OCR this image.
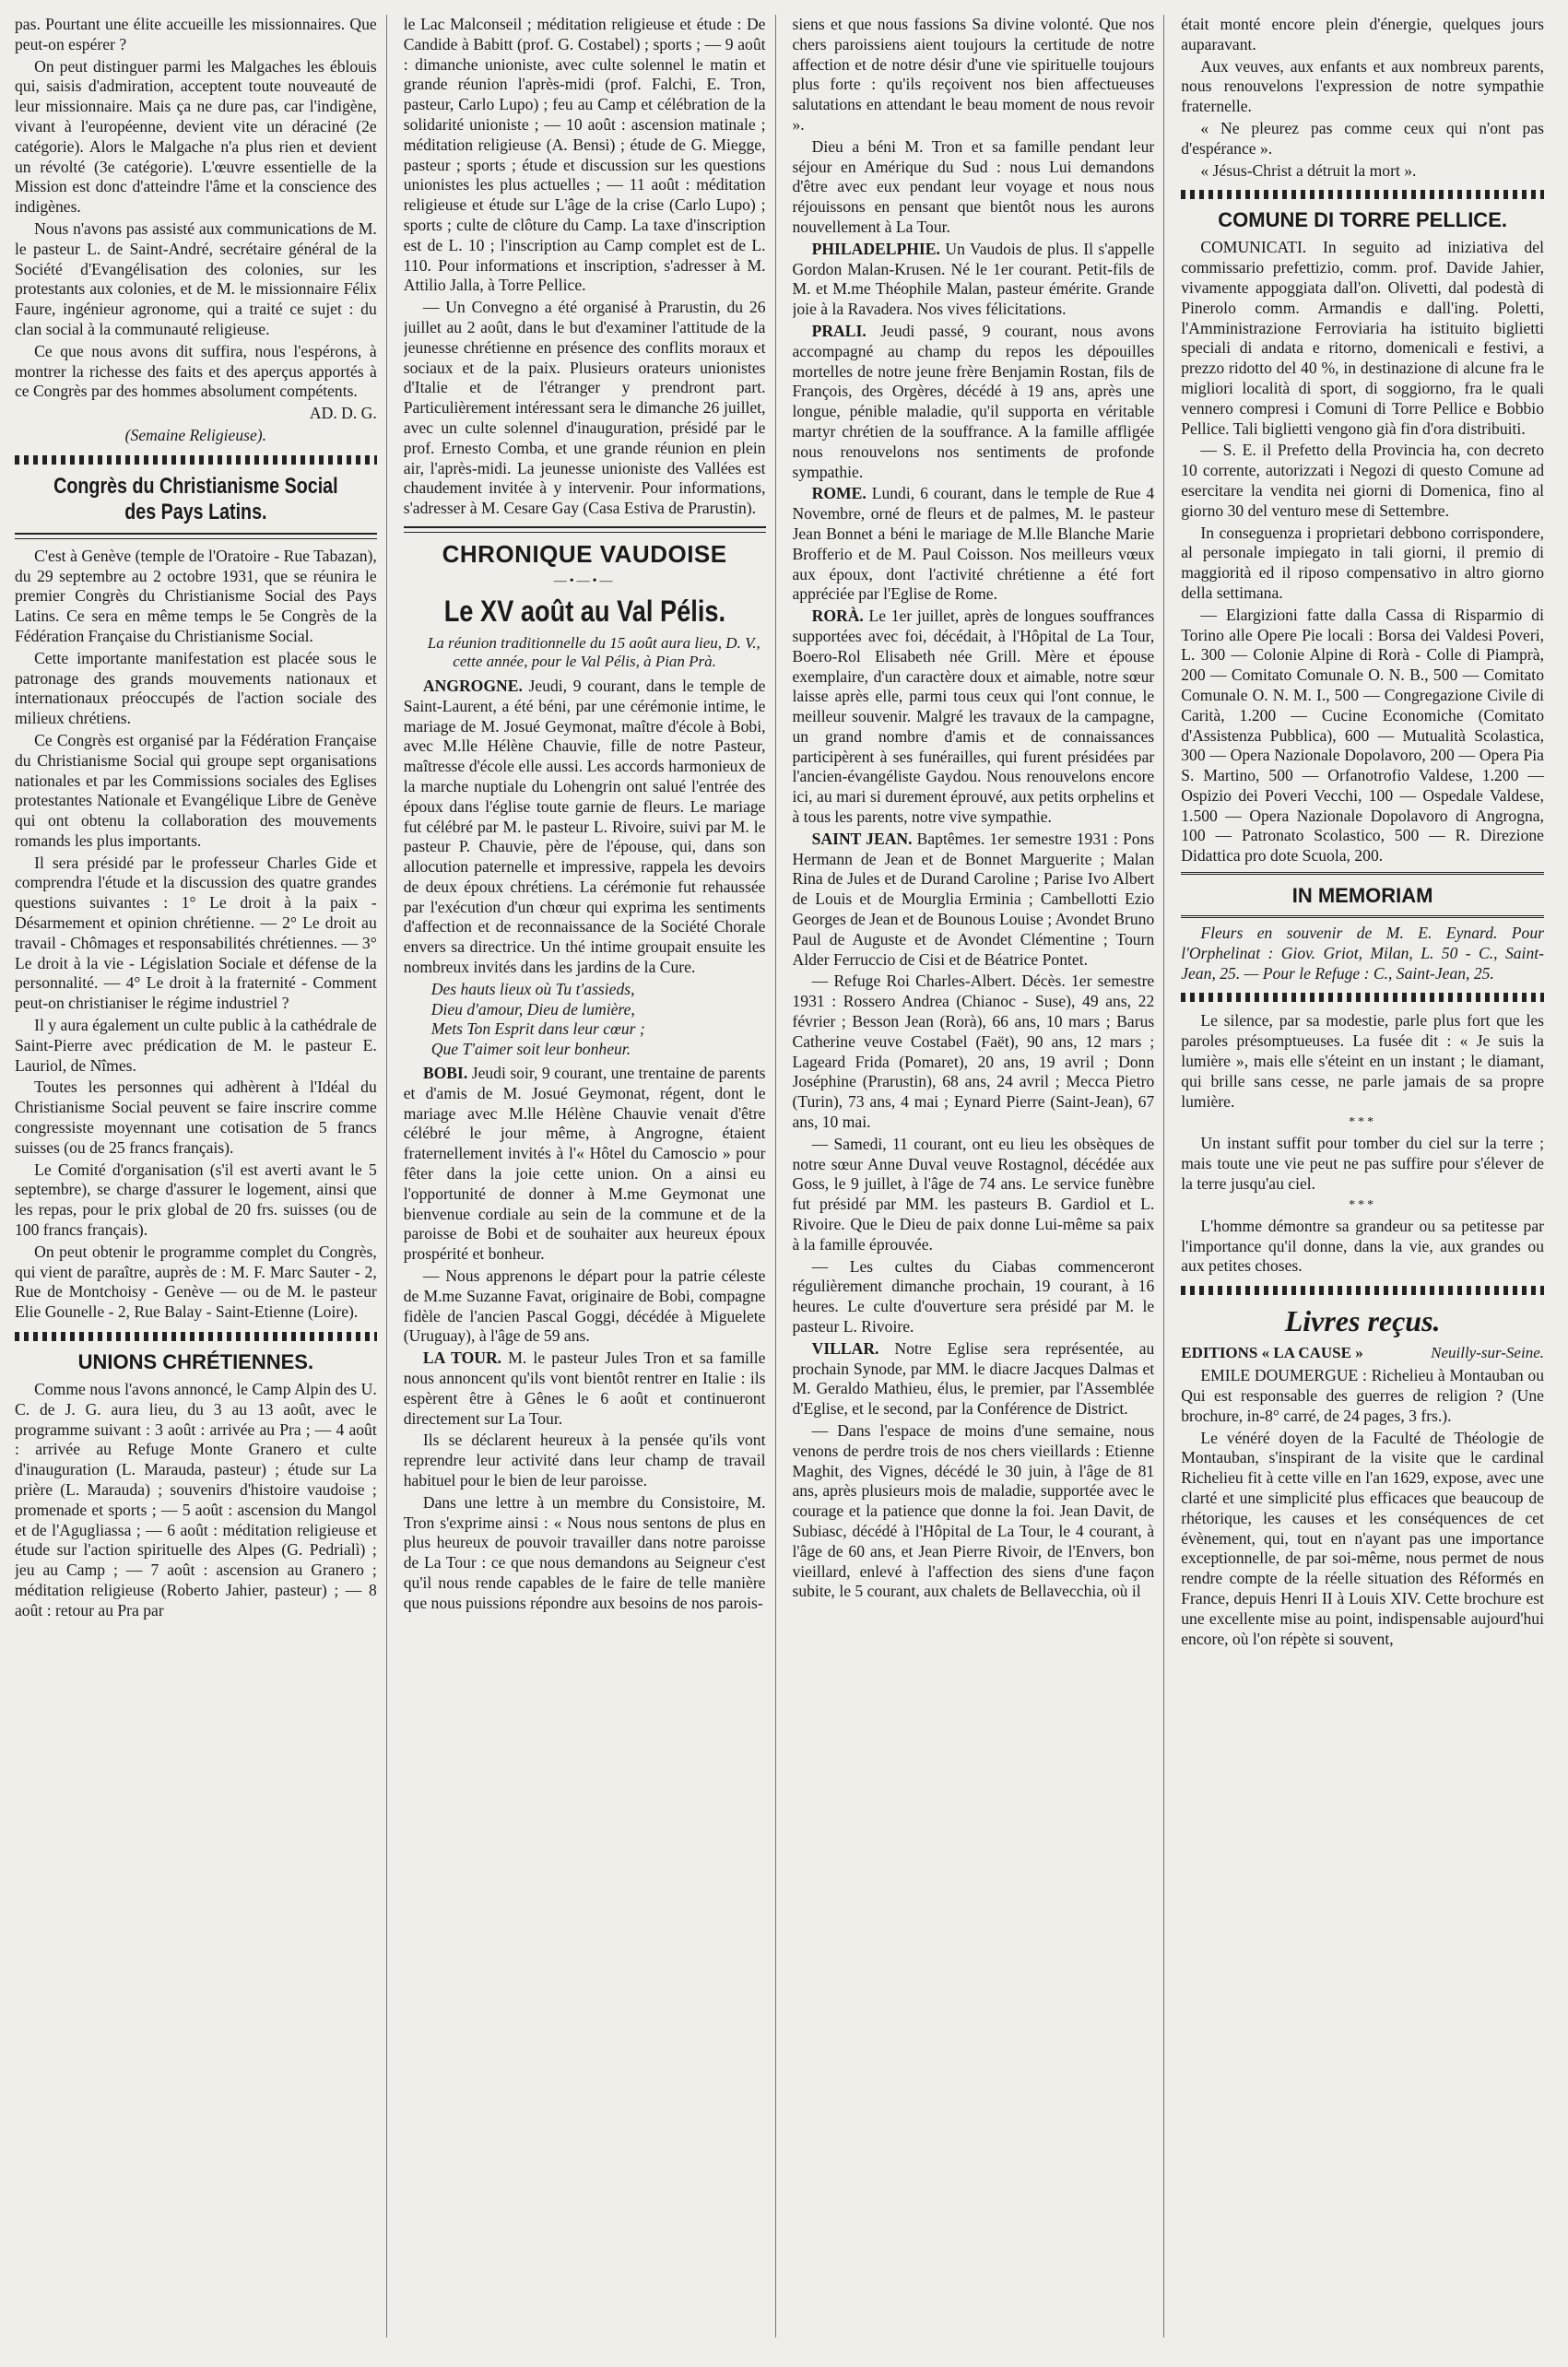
pas. Pourtant une élite accueille les missionnaires. Que peut-on espérer ?

On peut distinguer parmi les Malgaches les éblouis qui, saisis d'admiration, acceptent toute nouveauté de leur missionnaire. Mais ça ne dure pas, car l'indigène, vivant à l'européenne, devient vite un déraciné (2e catégorie). Alors le Malgache n'a plus rien et devient un révolté (3e catégorie). L'œuvre essentielle de la Mission est donc d'atteindre l'âme et la conscience des indigènes.

Nous n'avons pas assisté aux communications de M. le pasteur L. de Saint-André, secrétaire général de la Société d'Evangélisation des colonies, sur les protestants aux colonies, et de M. le missionnaire Félix Faure, ingénieur agronome, qui a traité ce sujet : du clan social à la communauté religieuse.

Ce que nous avons dit suffira, nous l'espérons, à montrer la richesse des faits et des aperçus apportés à ce Congrès par des hommes absolument compétents.

AD. D. G.

(Semaine Religieuse).

Congrès du Christianisme Social des Pays Latins.

C'est à Genève (temple de l'Oratoire - Rue Tabazan), du 29 septembre au 2 octobre 1931, que se réunira le premier Congrès du Christianisme Social des Pays Latins. Ce sera en même temps le 5e Congrès de la Fédération Française du Christianisme Social.

Cette importante manifestation est placée sous le patronage des grands mouvements nationaux et internationaux préoccupés de l'action sociale des milieux chrétiens.

Ce Congrès est organisé par la Fédération Française du Christianisme Social qui groupe sept organisations nationales et par les Commissions sociales des Eglises protestantes Nationale et Evangélique Libre de Genève qui ont obtenu la collaboration des mouvements romands les plus importants.

Il sera présidé par le professeur Charles Gide et comprendra l'étude et la discussion des quatre grandes questions suivantes : 1° Le droit à la paix - Désarmement et opinion chrétienne. — 2° Le droit au travail - Chômages et responsabilités chrétiennes. — 3° Le droit à la vie - Législation Sociale et défense de la personnalité. — 4° Le droit à la fraternité - Comment peut-on christianiser le régime industriel ?

Il y aura également un culte public à la cathédrale de Saint-Pierre avec prédication de M. le pasteur E. Lauriol, de Nîmes.

Toutes les personnes qui adhèrent à l'Idéal du Christianisme Social peuvent se faire inscrire comme congressiste moyennant une cotisation de 5 francs suisses (ou de 25 francs français).

Le Comité d'organisation (s'il est averti avant le 5 septembre), se charge d'assurer le logement, ainsi que les repas, pour le prix global de 20 frs. suisses (ou de 100 francs français).

On peut obtenir le programme complet du Congrès, qui vient de paraître, auprès de : M. F. Marc Sauter - 2, Rue de Montchoisy - Genève — ou de M. le pasteur Elie Gounelle - 2, Rue Balay - Saint-Etienne (Loire).

UNIONS CHRÉTIENNES.

Comme nous l'avons annoncé, le Camp Alpin des U. C. de J. G. aura lieu, du 3 au 13 août, avec le programme suivant : 3 août : arrivée au Pra ; — 4 août : arrivée au Refuge Monte Granero et culte d'inauguration (L. Marauda, pasteur) ; étude sur La prière (L. Marauda) ; souvenirs d'histoire vaudoise ; promenade et sports ; — 5 août : ascension du Mangol et de l'Agugliassa ; — 6 août : méditation religieuse et étude sur l'action spirituelle des Alpes (G. Pedrialì) ; jeu au Camp ; — 7 août : ascension au Granero ; méditation religieuse (Roberto Jahier, pasteur) ; — 8 août : retour au Pra par

le Lac Malconseil ; méditation religieuse et étude : De Candide à Babitt (prof. G. Costabel) ; sports ; — 9 août : dimanche unioniste, avec culte solennel le matin et grande réunion l'après-midi (prof. Falchi, E. Tron, pasteur, Carlo Lupo) ; feu au Camp et célébration de la solidarité unioniste ; — 10 août : ascension matinale ; méditation religieuse (A. Bensi) ; étude de G. Miegge, pasteur ; sports ; étude et discussion sur les questions unionistes les plus actuelles ; — 11 août : méditation religieuse et étude sur L'âge de la crise (Carlo Lupo) ; sports ; culte de clôture du Camp. La taxe d'inscription est de L. 10 ; l'inscription au Camp complet est de L. 110. Pour informations et inscription, s'adresser à M. Attilio Jalla, à Torre Pellice.

— Un Convegno a été organisé à Prarustin, du 26 juillet au 2 août, dans le but d'examiner l'attitude de la jeunesse chrétienne en présence des conflits moraux et sociaux et de la paix. Plusieurs orateurs unionistes d'Italie et de l'étranger y prendront part. Particulièrement intéressant sera le dimanche 26 juillet, avec un culte solennel d'inauguration, présidé par le prof. Ernesto Comba, et une grande réunion en plein air, l'après-midi. La jeunesse unioniste des Vallées est chaudement invitée à y intervenir. Pour informations, s'adresser à M. Cesare Gay (Casa Estiva de Prarustin).

CHRONIQUE VAUDOISE
—•—•—
Le XV août au Val Pélis.

La réunion traditionnelle du 15 août aura lieu, D. V., cette année, pour le Val Pélis, à Pian Prà.

ANGROGNE. Jeudi, 9 courant, dans le temple de Saint-Laurent, a été béni, par une cérémonie intime, le mariage de M. Josué Geymonat, maître d'école à Bobi, avec M.lle Hélène Chauvie, fille de notre Pasteur, maîtresse d'école elle aussi. Les accords harmonieux de la marche nuptiale du Lohengrin ont salué l'entrée des époux dans l'église toute garnie de fleurs. Le mariage fut célébré par M. le pasteur L. Rivoire, suivi par M. le pasteur P. Chauvie, père de l'épouse, qui, dans son allocution paternelle et impressive, rappela les devoirs de deux époux chrétiens. La cérémonie fut rehaussée par l'exécution d'un chœur qui exprima les sentiments d'affection et de reconnaissance de la Société Chorale envers sa directrice. Un thé intime groupait ensuite les nombreux invités dans les jardins de la Cure.

Des hauts lieux où Tu t'assieds,
Dieu d'amour, Dieu de lumière,
Mets Ton Esprit dans leur cœur ;
Que T'aimer soit leur bonheur.

BOBI. Jeudi soir, 9 courant, une trentaine de parents et d'amis de M. Josué Geymonat, régent, dont le mariage avec M.lle Hélène Chauvie venait d'être célébré le jour même, à Angrogne, étaient fraternellement invités à l'« Hôtel du Camoscio » pour fêter dans la joie cette union. On a ainsi eu l'opportunité de donner à M.me Geymonat une bienvenue cordiale au sein de la commune et de la paroisse de Bobi et de souhaiter aux heureux époux prospérité et bonheur.

— Nous apprenons le départ pour la patrie céleste de M.me Suzanne Favat, originaire de Bobi, compagne fidèle de l'ancien Pascal Goggi, décédée à Miguelete (Uruguay), à l'âge de 59 ans.

LA TOUR. M. le pasteur Jules Tron et sa famille nous annoncent qu'ils vont bientôt rentrer en Italie : ils espèrent être à Gênes le 6 août et continueront directement sur La Tour.

Ils se déclarent heureux à la pensée qu'ils vont reprendre leur activité dans leur champ de travail habituel pour le bien de leur paroisse.

Dans une lettre à un membre du Consistoire, M. Tron s'exprime ainsi : « Nous nous sentons de plus en plus heureux de pouvoir travailler dans notre paroisse de La Tour : ce que nous demandons au Seigneur c'est qu'il nous rende capables de le faire de telle manière que nous puissions répondre aux besoins de nos parois-

siens et que nous fassions Sa divine volonté. Que nos chers paroissiens aient toujours la certitude de notre affection et de notre désir d'une vie spirituelle toujours plus forte : qu'ils reçoivent nos bien affectueuses salutations en attendant le beau moment de nous revoir ».

Dieu a béni M. Tron et sa famille pendant leur séjour en Amérique du Sud : nous Lui demandons d'être avec eux pendant leur voyage et nous nous réjouissons en pensant que bientôt nous les aurons nouvellement à La Tour.

PHILADELPHIE. Un Vaudois de plus. Il s'appelle Gordon Malan-Krusen. Né le 1er courant. Petit-fils de M. et M.me Théophile Malan, pasteur émérite. Grande joie à la Ravadera. Nos vives félicitations.

PRALI. Jeudi passé, 9 courant, nous avons accompagné au champ du repos les dépouilles mortelles de notre jeune frère Benjamin Rostan, fils de François, des Orgères, décédé à 19 ans, après une longue, pénible maladie, qu'il supporta en véritable martyr chrétien de la souffrance. A la famille affligée nous renouvelons nos sentiments de profonde sympathie.

ROME. Lundi, 6 courant, dans le temple de Rue 4 Novembre, orné de fleurs et de palmes, M. le pasteur Jean Bonnet a béni le mariage de M.lle Blanche Marie Brofferio et de M. Paul Coisson. Nos meilleurs vœux aux époux, dont l'activité chrétienne a été fort appréciée par l'Eglise de Rome.

RORÀ. Le 1er juillet, après de longues souffrances supportées avec foi, décédait, à l'Hôpital de La Tour, Boero-Rol Elisabeth née Grill. Mère et épouse exemplaire, d'un caractère doux et aimable, notre sœur laisse après elle, parmi tous ceux qui l'ont connue, le meilleur souvenir. Malgré les travaux de la campagne, un grand nombre d'amis et de connaissances participèrent à ses funérailles, qui furent présidées par l'ancien-évangéliste Gaydou. Nous renouvelons encore ici, au mari si durement éprouvé, aux petits orphelins et à tous les parents, notre vive sympathie.

SAINT JEAN. Baptêmes. 1er semestre 1931 : Pons Hermann de Jean et de Bonnet Marguerite ; Malan Rina de Jules et de Durand Caroline ; Parise Ivo Albert de Louis et de Mourglia Erminia ; Cambellotti Ezio Georges de Jean et de Bounous Louise ; Avondet Bruno Paul de Auguste et de Avondet Clémentine ; Tourn Alder Ferruccio de Cisi et de Béatrice Pontet.

— Refuge Roi Charles-Albert. Décès. 1er semestre 1931 : Rossero Andrea (Chianoc - Suse), 49 ans, 22 février ; Besson Jean (Rorà), 66 ans, 10 mars ; Barus Catherine veuve Costabel (Faët), 90 ans, 12 mars ; Lageard Frida (Pomaret), 20 ans, 19 avril ; Donn Joséphine (Prarustin), 68 ans, 24 avril ; Mecca Pietro (Turin), 73 ans, 4 mai ; Eynard Pierre (Saint-Jean), 67 ans, 10 mai.

— Samedi, 11 courant, ont eu lieu les obsèques de notre sœur Anne Duval veuve Rostagnol, décédée aux Goss, le 9 juillet, à l'âge de 74 ans. Le service funèbre fut présidé par MM. les pasteurs B. Gardiol et L. Rivoire. Que le Dieu de paix donne Lui-même sa paix à la famille éprouvée.

— Les cultes du Ciabas commenceront régulièrement dimanche prochain, 19 courant, à 16 heures. Le culte d'ouverture sera présidé par M. le pasteur L. Rivoire.

VILLAR. Notre Eglise sera représentée, au prochain Synode, par MM. le diacre Jacques Dalmas et M. Geraldo Mathieu, élus, le premier, par l'Assemblée d'Eglise, et le second, par la Conférence de District.

— Dans l'espace de moins d'une semaine, nous venons de perdre trois de nos chers vieillards : Etienne Maghit, des Vignes, décédé le 30 juin, à l'âge de 81 ans, après plusieurs mois de maladie, supportée avec le courage et la patience que donne la foi. Jean Davit, de Subiasc, décédé à l'Hôpital de La Tour, le 4 courant, à l'âge de 60 ans, et Jean Pierre Rivoir, de l'Envers, bon vieillard, enlevé à l'affection des siens d'une façon subite, le 5 courant, aux chalets de Bellavecchia, où il

était monté encore plein d'énergie, quelques jours auparavant.

Aux veuves, aux enfants et aux nombreux parents, nous renouvelons l'expression de notre sympathie fraternelle.

« Ne pleurez pas comme ceux qui n'ont pas d'espérance ».

« Jésus-Christ a détruit la mort ».

COMUNE DI TORRE PELLICE.

COMUNICATI. In seguito ad iniziativa del commissario prefettizio, comm. prof. Davide Jahier, vivamente appoggiata dall'on. Olivetti, dal podestà di Pinerolo comm. Armandis e dall'ing. Poletti, l'Amministrazione Ferroviaria ha istituito biglietti speciali di andata e ritorno, domenicali e festivi, a prezzo ridotto del 40 %, in destinazione di alcune fra le migliori località di sport, di soggiorno, fra le quali vennero compresi i Comuni di Torre Pellice e Bobbio Pellice. Tali biglietti vengono già fin d'ora distribuiti.

— S. E. il Prefetto della Provincia ha, con decreto 10 corrente, autorizzati i Negozi di questo Comune ad esercitare la vendita nei giorni di Domenica, fino al giorno 30 del venturo mese di Settembre.

In conseguenza i proprietari debbono corrispondere, al personale impiegato in tali giorni, il premio di maggiorità ed il riposo compensativo in altro giorno della settimana.

— Elargizioni fatte dalla Cassa di Risparmio di Torino alle Opere Pie locali : Borsa dei Valdesi Poveri, L. 300 — Colonie Alpine di Rorà - Colle di Piamprà, 200 — Comitato Comunale O. N. B., 500 — Comitato Comunale O. N. M. I., 500 — Congregazione Civile di Carità, 1.200 — Cucine Economiche (Comitato d'Assistenza Pubblica), 600 — Mutualità Scolastica, 300 — Opera Nazionale Dopolavoro, 200 — Opera Pia S. Martino, 500 — Orfanotrofio Valdese, 1.200 — Ospizio dei Poveri Vecchi, 100 — Ospedale Valdese, 1.500 — Opera Nazionale Dopolavoro di Angrogna, 100 — Patronato Scolastico, 500 — R. Direzione Didattica pro dote Scuola, 200.

IN MEMORIAM

Fleurs en souvenir de M. E. Eynard. Pour l'Orphelinat : Giov. Griot, Milan, L. 50 - C., Saint-Jean, 25. — Pour le Refuge : C., Saint-Jean, 25.

Le silence, par sa modestie, parle plus fort que les paroles présomptueuses. La fusée dit : « Je suis la lumière », mais elle s'éteint en un instant ; le diamant, qui brille sans cesse, ne parle jamais de sa propre lumière.

***

Un instant suffit pour tomber du ciel sur la terre ; mais toute une vie peut ne pas suffire pour s'élever de la terre jusqu'au ciel.

***

L'homme démontre sa grandeur ou sa petitesse par l'importance qu'il donne, dans la vie, aux grandes ou aux petites choses.

Livres reçus.
EDITIONS « LA CAUSE »	Neuilly-sur-Seine.

EMILE DOUMERGUE : Richelieu à Montauban ou Qui est responsable des guerres de religion ? (Une brochure, in-8° carré, de 24 pages, 3 frs.).

Le vénéré doyen de la Faculté de Théologie de Montauban, s'inspirant de la visite que le cardinal Richelieu fit à cette ville en l'an 1629, expose, avec une clarté et une simplicité plus efficaces que beaucoup de rhétorique, les causes et les conséquences de cet évènement, qui, tout en n'ayant pas une importance exceptionnelle, de par soi-même, nous permet de nous rendre compte de la réelle situation des Réformés en France, depuis Henri II à Louis XIV. Cette brochure est une excellente mise au point, indispensable aujourd'hui encore, où l'on répète si souvent,
